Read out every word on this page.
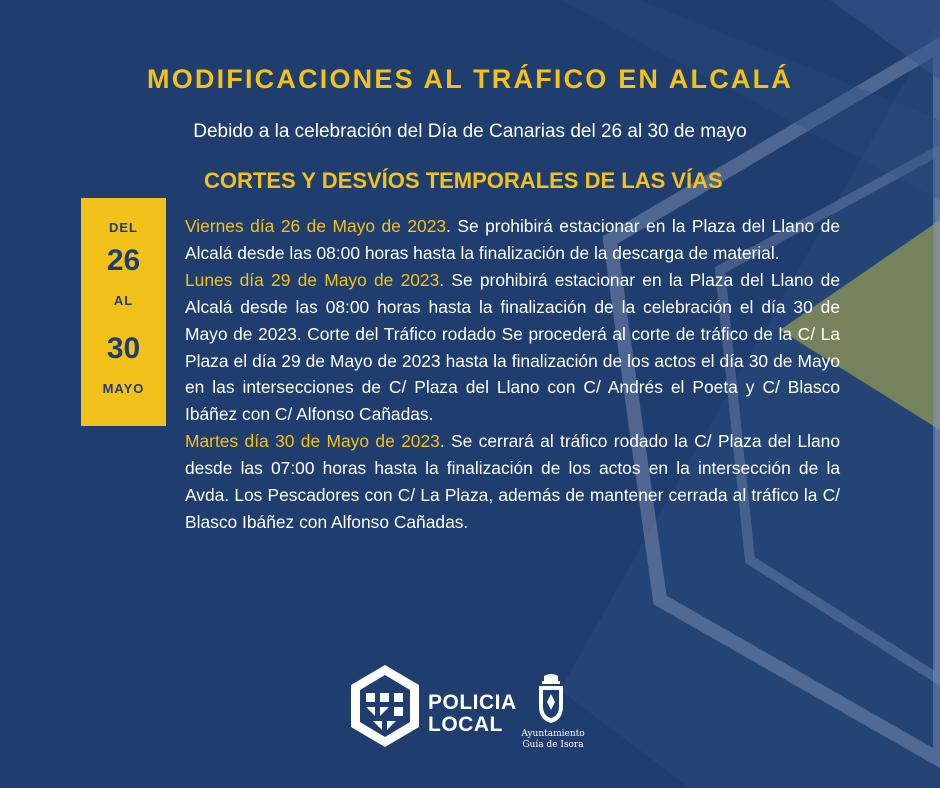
MODIFICACIONES AL TRÁFICO EN ALCALÁ

Debido a la celebración del Día de Canarias del 26 al 30 de mayo

CORTES Y DESVÍOS TEMPORALES DE LAS VÍAS
DEL
26
AL
30
MAYO

Viernes día 26 de Mayo de 2023. Se prohibirá estacionar en la Plaza del Llano de Alcalá desde las 08:00 horas hasta la finalización de la descarga de material.

Lunes día 29 de Mayo de 2023. Se prohibirá estacionar en la Plaza del Llano de Alcalá desde las 08:00 horas hasta la finalización de la celebración el día 30 de Mayo de 2023. Corte del Tráfico rodado Se procederá al corte de tráfico de la C/ La Plaza el día 29 de Mayo de 2023 hasta la finalización de los actos el día 30 de Mayo en las intersecciones de C/ Plaza del Llano con C/ Andrés el Poeta y C/ Blasco Ibáñez con C/ Alfonso Cañadas.

Martes día 30 de Mayo de 2023. Se cerrará al tráfico rodado la C/ Plaza del Llano desde las 07:00 horas hasta la finalización de los actos en la intersección de la Avda. Los Pescadores con C/ La Plaza, además de mantener cerrada al tráfico la C/ Blasco Ibáñez con Alfonso Cañadas.

POLICIA
LOCAL	Ayuntamiento
Guía de Isora
